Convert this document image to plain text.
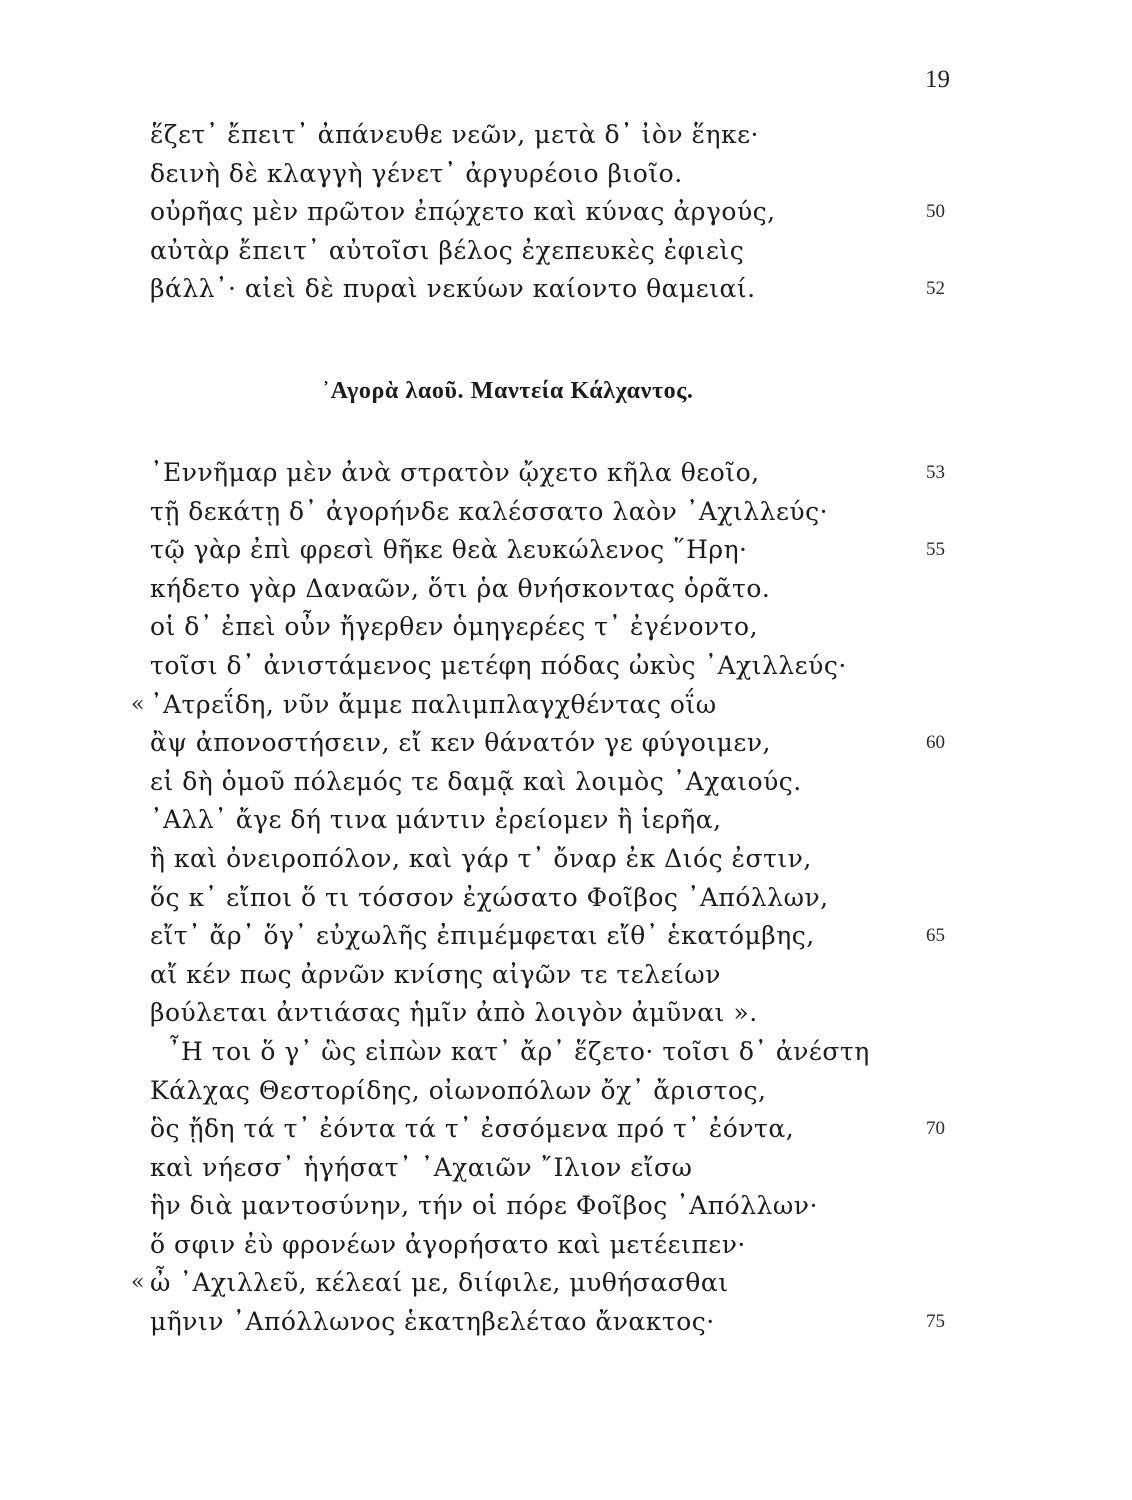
19
ἕζετ᾿ ἔπειτ᾿ ἀπάνευθε νεῶν, μετὰ δ᾿ ἰὸν ἕηκε·
δεινὴ δὲ κλαγγὴ γένετ᾿ ἀργυρέοιο βιοῖο.
οὐρῆας μὲν πρῶτον ἐπῴχετο καὶ κύνας ἀργούς,	50
αὐτὰρ ἔπειτ᾿ αὐτοῖσι βέλος ἐχεπευκὲς ἐφιεὶς
βάλλ᾿· αἰεὶ δὲ πυραὶ νεκύων καίοντο θαμειαί.	52
᾿Αγορὰ λαοῦ. Μαντεία Κάλχαντος.
᾿Εννῆμαρ μὲν ἀνὰ στρατὸν ᾤχετο κῆλα θεοῖο,	53
τῇ δεκάτῃ δ᾿ ἀγορήνδε καλέσσατο λαὸν ᾿Αχιλλεύς·
τῷ γὰρ ἐπὶ φρεσὶ θῆκε θεὰ λευκώλενος ῞Ηρη·	55
κήδετο γὰρ Δαναῶν, ὅτι ῥα θνήσκοντας ὁρᾶτο.
οἱ δ᾿ ἐπεὶ οὖν ἤγερθεν ὁμηγερέες τ᾿ ἐγένοντο,
τοῖσι δ᾿ ἀνιστάμενος μετέφη πόδας ὠκὺς ᾿Αχιλλεύς·
« ᾿Ατρεΐδη, νῦν ἄμμε παλιμπλαγχθέντας οΐω
ἂψ ἀπονοστήσειν, εἴ κεν θάνατόν γε φύγοιμεν,	60
εἰ δὴ ὁμοῦ πόλεμός τε δαμᾷ καὶ λοιμὸς ᾿Αχαιούς.
᾿Αλλ᾿ ἄγε δή τινα μάντιν ἐρείομεν ἢ ἱερῆα,
ἢ καὶ ὀνειροπόλον, καὶ γάρ τ᾿ ὄναρ ἐκ Διός ἐστιν,
ὅς κ᾿ εἴποι ὅ τι τόσσον ἐχώσατο Φοῖβος ᾿Απόλλων,
εἴτ᾿ ἄρ᾿ ὅγ᾿ εὐχωλῆς ἐπιμέμφεται εἴθ᾿ ἑκατόμβης,	65
αἴ κέν πως ἀρνῶν κνίσης αἰγῶν τε τελείων
βούλεται ἀντιάσας ἡμῖν ἀπὸ λοιγὸν ἀμῦναι ».
῏Η τοι ὅ γ᾿ ὣς εἰπὼν κατ᾿ ἄρ᾿ ἕζετο· τοῖσι δ᾿ ἀνέστη
Κάλχας Θεστορίδης, οἰωνοπόλων ὄχ᾿ ἄριστος,
ὃς ᾔδη τά τ᾿ ἐόντα τά τ᾿ ἐσσόμενα πρό τ᾿ ἐόντα,	70
καὶ νήεσσ᾿ ἡγήσατ᾿ ᾿Αχαιῶν ῎Ιλιον εἴσω
ἣν διὰ μαντοσύνην, τήν οἱ πόρε Φοῖβος ᾿Απόλλων·
ὅ σφιν ἐὺ φρονέων ἀγορήσατο καὶ μετέειπεν·
« ὦ ᾿Αχιλλεῦ, κέλεαί με, διίφιλε, μυθήσασθαι
μῆνιν ᾿Απόλλωνος ἑκατηβελέταο ἄνακτος·	75
